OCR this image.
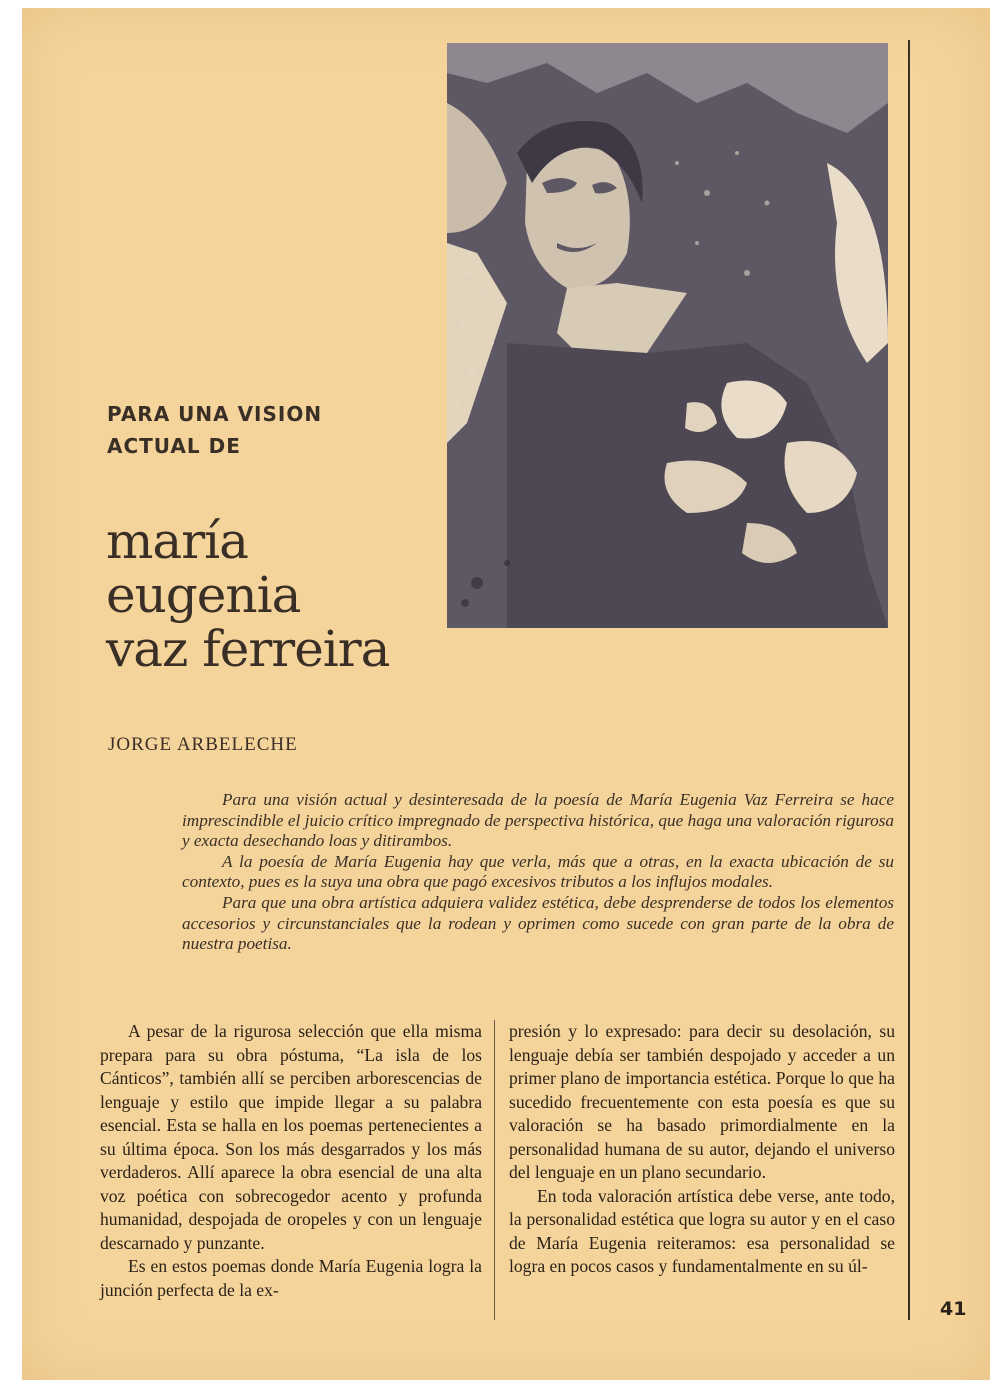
PARA UNA VISION
ACTUAL DE
maría
eugenia
vaz ferreira
JORGE ARBELECHE

Para una visión actual y desinteresada de la poesía de María Eugenia Vaz Ferreira se hace imprescindible el juicio crítico impregnado de perspectiva histórica, que haga una valoración rigurosa y exacta desechando loas y ditirambos.

A la poesía de María Eugenia hay que verla, más que a otras, en la exacta ubicación de su contexto, pues es la suya una obra que pagó excesivos tributos a los influjos modales.

Para que una obra artística adquiera validez estética, debe desprenderse de todos los elementos accesorios y circunstanciales que la rodean y oprimen como sucede con gran parte de la obra de nuestra poetisa.

A pesar de la rigurosa selección que ella misma prepara para su obra póstuma, “La isla de los Cánticos”, también allí se perciben arborescencias de lenguaje y estilo que impide llegar a su palabra esencial. Esta se halla en los poemas pertenecientes a su última época. Son los más desgarrados y los más verdaderos. Allí aparece la obra esencial de una alta voz poética con sobrecogedor acento y profunda humanidad, despojada de oropeles y con un lenguaje descarnado y punzante.

Es en estos poemas donde María Eugenia logra la junción perfecta de la ex-

presión y lo expresado: para decir su desolación, su lenguaje debía ser también despojado y acceder a un primer plano de importancia estética. Porque lo que ha sucedido frecuentemente con esta poesía es que su valoración se ha basado primordialmente en la personalidad humana de su autor, dejando el universo del lenguaje en un plano secundario.

En toda valoración artística debe verse, ante todo, la personalidad estética que logra su autor y en el caso de María Eugenia reiteramos: esa personalidad se logra en pocos casos y fundamentalmente en su úl-

41
